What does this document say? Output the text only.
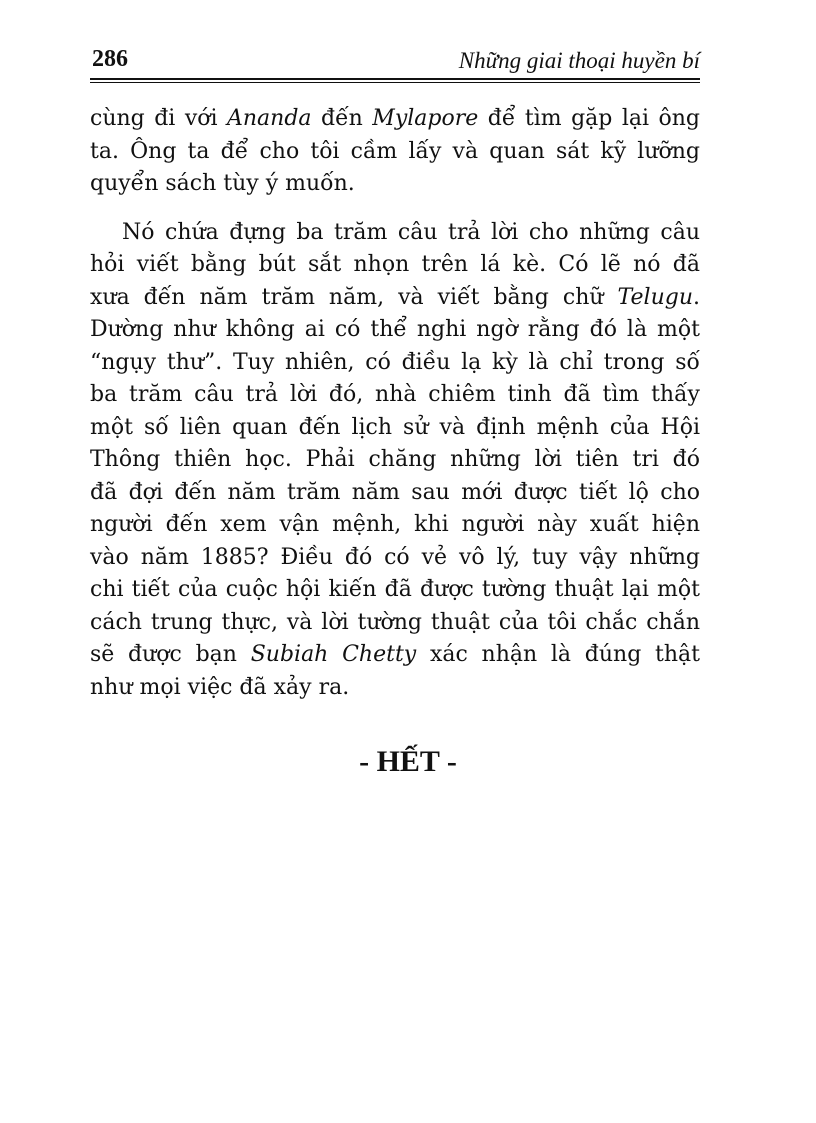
286	Những giai thoại huyền bí
cùng đi với Ananda đến Mylapore để tìm gặp lại ông
ta. Ông ta để cho tôi cầm lấy và quan sát kỹ lưỡng
quyển sách tùy ý muốn.
Nó chứa đựng ba trăm câu trả lời cho những câu
hỏi viết bằng bút sắt nhọn trên lá kè. Có lẽ nó đã
xưa đến năm trăm năm, và viết bằng chữ Telugu.
Dường như không ai có thể nghi ngờ rằng đó là một
“ngụy thư”. Tuy nhiên, có điều lạ kỳ là chỉ trong số
ba trăm câu trả lời đó, nhà chiêm tinh đã tìm thấy
một số liên quan đến lịch sử và định mệnh của Hội
Thông thiên học. Phải chăng những lời tiên tri đó
đã đợi đến năm trăm năm sau mới được tiết lộ cho
người đến xem vận mệnh, khi người này xuất hiện
vào năm 1885? Điều đó có vẻ vô lý, tuy vậy những
chi tiết của cuộc hội kiến đã được tường thuật lại một
cách trung thực, và lời tường thuật của tôi chắc chắn
sẽ được bạn Subiah Chetty xác nhận là đúng thật
như mọi việc đã xảy ra.
- HẾT -
